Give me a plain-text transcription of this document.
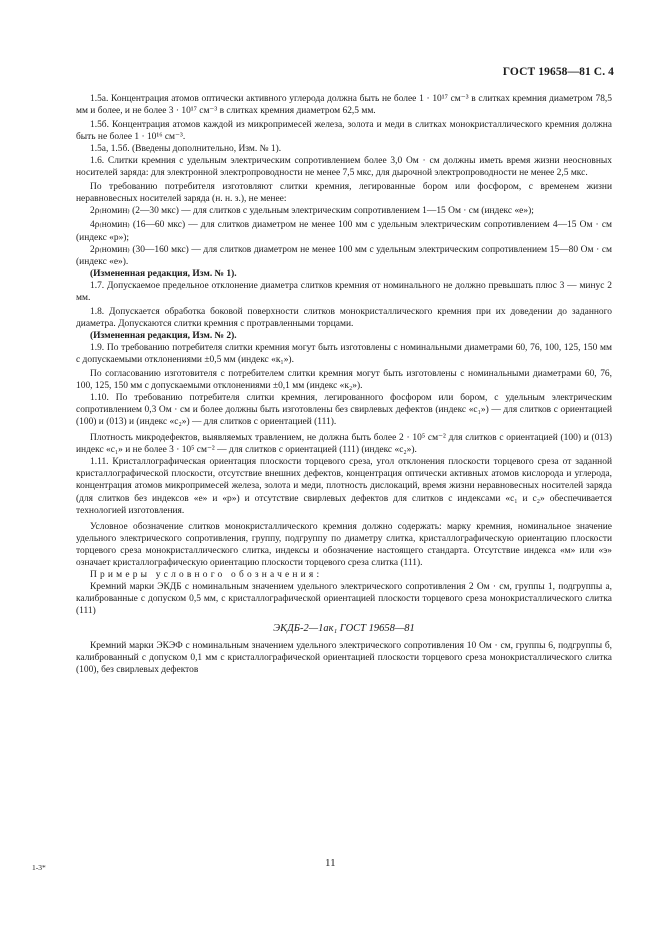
ГОСТ 19658—81 С. 4

1.5а. Концентрация атомов оптически активного углерода должна быть не более 1 · 10¹⁷ см⁻³ в слитках кремния диаметром 78,5 мм и более, и не более 3 · 10¹⁷ см⁻³ в слитках кремния диаметром 62,5 мм.

1.5б. Концентрация атомов каждой из микропримесей железа, золота и меди в слитках монокристаллического кремния должна быть не более 1 · 10¹⁶ см⁻³.

1.5а, 1.5б. (Введены дополнительно, Изм. № 1).

1.6. Слитки кремния с удельным электрическим сопротивлением более 3,0 Ом · см должны иметь время жизни неосновных носителей заряда: для электронной электропроводности не менее 7,5 мкс, для дырочной электропроводности не менее 2,5 мкс.

По требованию потребителя изготовляют слитки кремния, легированные бором или фосфором, с временем жизни неравновесных носителей заряда (н. н. з.), не менее:

2ρ₍номин₎ (2—30 мкс) — для слитков с удельным электрическим сопротивлением 1—15 Ом · см (индекс «е»);

4ρ₍номин₎ (16—60 мкс) — для слитков диаметром не менее 100 мм с удельным электрическим сопротивлением 4—15 Ом · см (индекс «р»);

2ρ₍номин₎ (30—160 мкс) — для слитков диаметром не менее 100 мм с удельным электрическим сопротивлением 15—80 Ом · см (индекс «е»).

(Измененная редакция, Изм. № 1).

1.7. Допускаемое предельное отклонение диаметра слитков кремния от номинального не должно превышать плюс 3 — минус 2 мм.

1.8. Допускается обработка боковой поверхности слитков монокристаллического кремния при их доведении до заданного диаметра. Допускаются слитки кремния с протравленными торцами.

(Измененная редакция, Изм. № 2).

1.9. По требованию потребителя слитки кремния могут быть изготовлены с номинальными диаметрами 60, 76, 100, 125, 150 мм с допускаемыми отклонениями ±0,5 мм (индекс «к₁»).

По согласованию изготовителя с потребителем слитки кремния могут быть изготовлены с номинальными диаметрами 60, 76, 100, 125, 150 мм с допускаемыми отклонениями ±0,1 мм (индекс «к₂»).

1.10. По требованию потребителя слитки кремния, легированного фосфором или бором, с удельным электрическим сопротивлением 0,3 Ом · см и более должны быть изготовлены без свирлевых дефектов (индекс «с₁») — для слитков с ориентацией (100) и (013) и (индекс «с₂») — для слитков с ориентацией (111).

Плотность микродефектов, выявляемых травлением, не должна быть более 2 · 10⁵ см⁻² для слитков с ориентацией (100) и (013) индекс «с₁» и не более 3 · 10⁵ см⁻² — для слитков с ориентацией (111) (индекс «с₂»).

1.11. Кристаллографическая ориентация плоскости торцевого среза, угол отклонения плоскости торцевого среза от заданной кристаллографической плоскости, отсутствие внешних дефектов, концентрация оптически активных атомов кислорода и углерода, концентрация атомов микропримесей железа, золота и меди, плотность дислокаций, время жизни неравновесных носителей заряда (для слитков без индексов «е» и «р») и отсутствие свирлевых дефектов для слитков с индексами «с₁ и с₂» обеспечивается технологией изготовления.

Условное обозначение слитков монокристаллического кремния должно содержать: марку кремния, номинальное значение удельного электрического сопротивления, группу, подгруппу по диаметру слитка, кристаллографическую ориентацию плоскости торцевого среза монокристаллического слитка, индексы и обозначение настоящего стандарта. Отсутствие индекса «м» или «э» означает кристаллографическую ориентацию плоскости торцевого среза слитка (111).

Примеры условного обозначения:

Кремний марки ЭКДБ с номинальным значением удельного электрического сопротивления 2 Ом · см, группы 1, подгруппы а, калиброванные с допуском 0,5 мм, с кристаллографической ориентацией плоскости торцевого среза монокристаллического слитка (111)

ЭКДБ-2—1ак₁ ГОСТ 19658—81

Кремний марки ЭКЭФ с номинальным значением удельного электрического сопротивления 10 Ом · см, группы 6, подгруппы б, калиброванный с допуском 0,1 мм с кристаллографической ориентацией плоскости торцевого среза монокристаллического слитка (100), без свирлевых дефектов

1-3*	11
